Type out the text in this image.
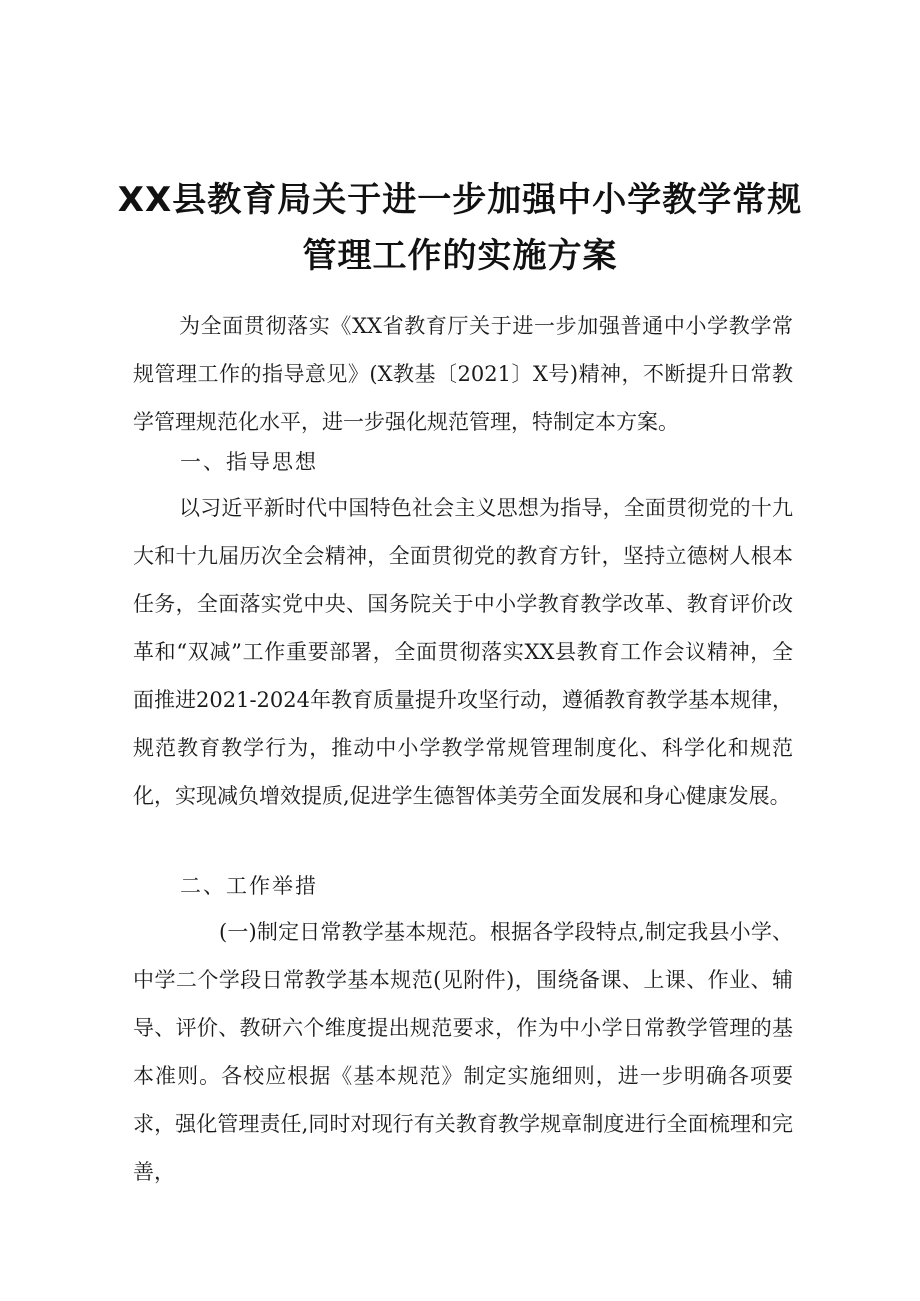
XX县教育局关于进一步加强中小学教学常规
管理工作的实施方案
为全面贯彻落实《XX省教育厅关于进一步加强普通中小学教学常规管理工作的指导意见》(X教基〔2021〕X号)精神，不断提升日常教学管理规范化水平，进一步强化规范管理，特制定本方案。
一、指导思想
以习近平新时代中国特色社会主义思想为指导，全面贯彻党的十九大和十九届历次全会精神，全面贯彻党的教育方针，坚持立德树人根本任务，全面落实党中央、国务院关于中小学教育教学改革、教育评价改革和“双减”工作重要部署，全面贯彻落实XX县教育工作会议精神，全面推进2021-2024年教育质量提升攻坚行动，遵循教育教学基本规律，规范教育教学行为，推动中小学教学常规管理制度化、科学化和规范化，实现减负增效提质,促进学生德智体美劳全面发展和身心健康发展。
二、工作举措
(一)制定日常教学基本规范。根据各学段特点,制定我县小学、中学二个学段日常教学基本规范(见附件)，围绕备课、上课、作业、辅导、评价、教研六个维度提出规范要求，作为中小学日常教学管理的基本准则。各校应根据《基本规范》制定实施细则，进一步明确各项要求，强化管理责任,同时对现行有关教育教学规章制度进行全面梳理和完善，
